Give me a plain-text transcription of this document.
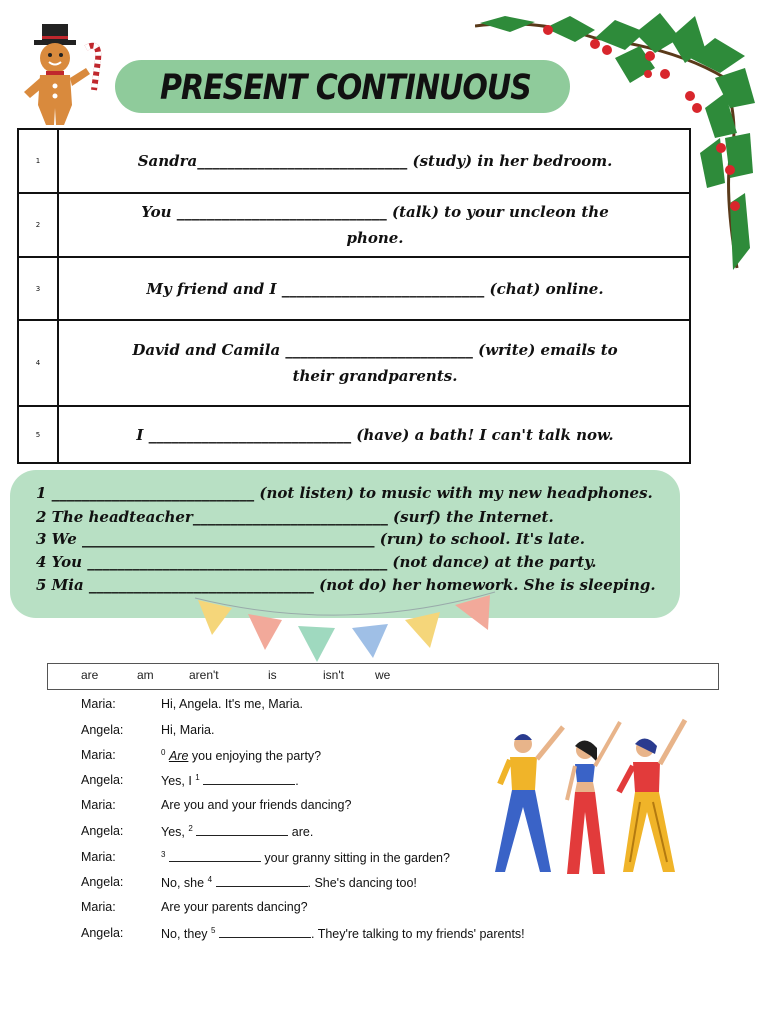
PRESENT CONTINUOUS
1	Sandra____________________________ (study) in her bedroom.
2
You ____________________________ (talk) to your uncleon the phone.
3	My friend and I ___________________________ (chat) online.
4
David and Camila _________________________ (write) emails to their grandparents.
5	I ___________________________ (have) a bath! I can't talk now.
1 ___________________________ (not listen) to music with my new headphones.
2 The headteacher__________________________ (surf) the Internet.
3 We _______________________________________ (run) to school. It's late.
4 You ________________________________________ (not dance) at the party.
5 Mia ______________________________ (not do) her homework. She is sleeping.
are	am	aren't	is	isn't	we
Maria:	Hi, Angela. It's me, Maria.
Angela:	Hi, Maria.
Maria:	$^0$ Are you enjoying the party?
Angela:	Yes, I $^1$	.
Maria:	Are you and your friends dancing?
Angela:	Yes, $^2$	are.
Maria:	$^3$	your granny sitting in the garden?
Angela:	No, she $^4$	. She's dancing too!
Maria:	Are your parents dancing?
Angela:	No, they $^5$	. They're talking to my friends' parents!
